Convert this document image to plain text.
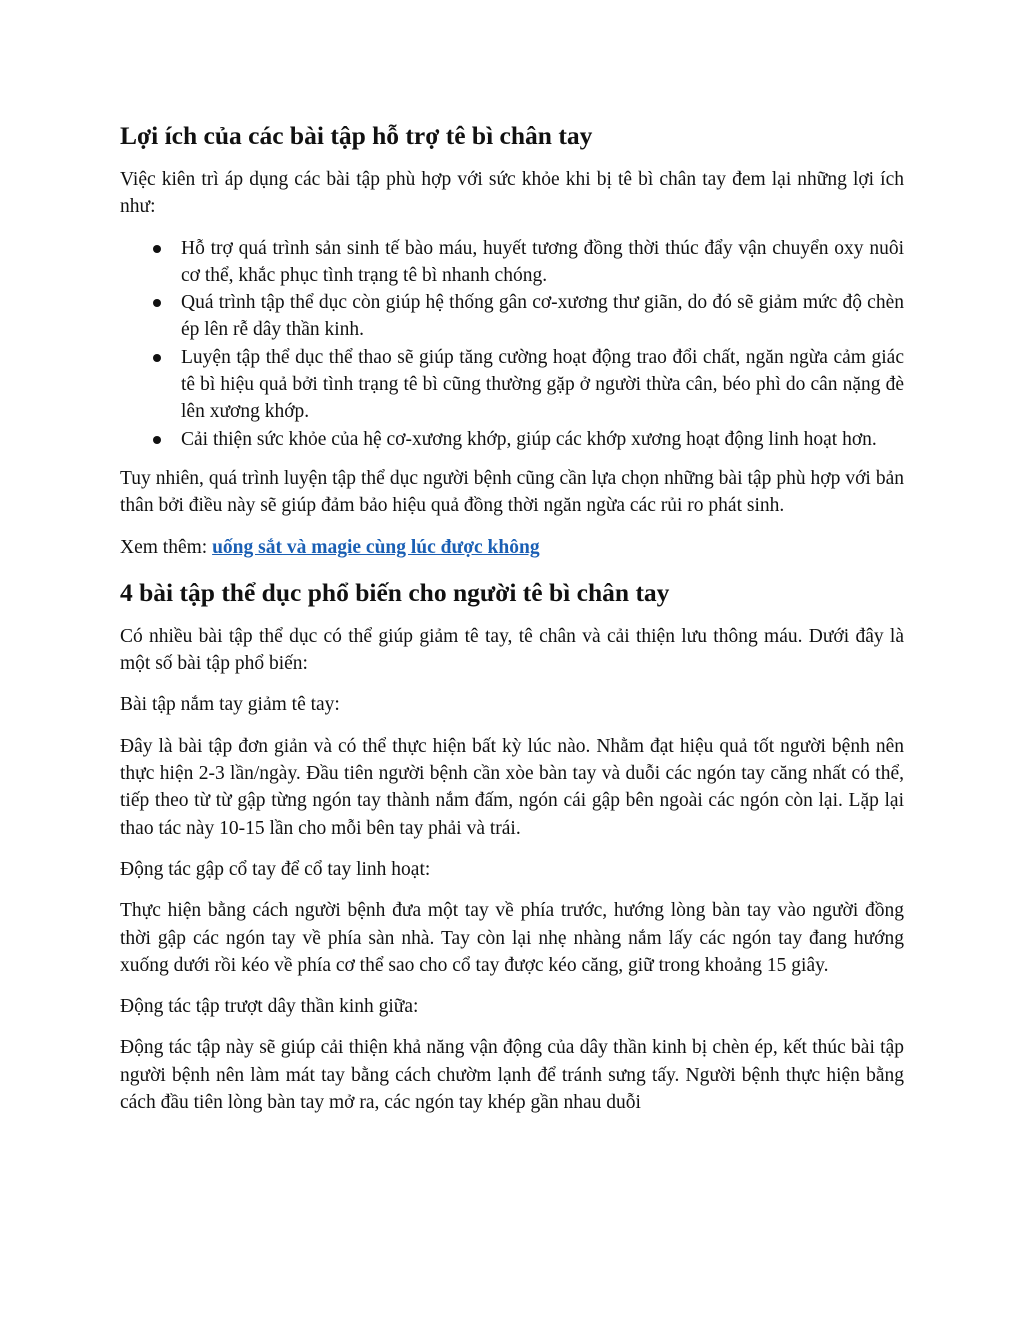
Lợi ích của các bài tập hỗ trợ tê bì chân tay

Việc kiên trì áp dụng các bài tập phù hợp với sức khỏe khi bị tê bì chân tay đem lại những lợi ích như:

Hỗ trợ quá trình sản sinh tế bào máu, huyết tương đồng thời thúc đẩy vận chuyển oxy nuôi cơ thể, khắc phục tình trạng tê bì nhanh chóng.
Quá trình tập thể dục còn giúp hệ thống gân cơ-xương thư giãn, do đó sẽ giảm mức độ chèn ép lên rễ dây thần kinh.
Luyện tập thể dục thể thao sẽ giúp tăng cường hoạt động trao đổi chất, ngăn ngừa cảm giác tê bì hiệu quả bởi tình trạng tê bì cũng thường gặp ở người thừa cân, béo phì do cân nặng đè lên xương khớp.
Cải thiện sức khỏe của hệ cơ-xương khớp, giúp các khớp xương hoạt động linh hoạt hơn.

Tuy nhiên, quá trình luyện tập thể dục người bệnh cũng cần lựa chọn những bài tập phù hợp với bản thân bởi điều này sẽ giúp đảm bảo hiệu quả đồng thời ngăn ngừa các rủi ro phát sinh.

Xem thêm: uống sắt và magie cùng lúc được không

4 bài tập thể dục phổ biến cho người tê bì chân tay

Có nhiều bài tập thể dục có thể giúp giảm tê tay, tê chân và cải thiện lưu thông máu. Dưới đây là một số bài tập phổ biến:

Bài tập nắm tay giảm tê tay:

Đây là bài tập đơn giản và có thể thực hiện bất kỳ lúc nào. Nhằm đạt hiệu quả tốt người bệnh nên thực hiện 2-3 lần/ngày. Đầu tiên người bệnh cần xòe bàn tay và duỗi các ngón tay căng nhất có thể, tiếp theo từ từ gập từng ngón tay thành nắm đấm, ngón cái gập bên ngoài các ngón còn lại. Lặp lại thao tác này 10-15 lần cho mỗi bên tay phải và trái.

Động tác gập cổ tay để cổ tay linh hoạt:

Thực hiện bằng cách người bệnh đưa một tay về phía trước, hướng lòng bàn tay vào người đồng thời gập các ngón tay về phía sàn nhà. Tay còn lại nhẹ nhàng nắm lấy các ngón tay đang hướng xuống dưới rồi kéo về phía cơ thể sao cho cổ tay được kéo căng, giữ trong khoảng 15 giây.

Động tác tập trượt dây thần kinh giữa:

Động tác tập này sẽ giúp cải thiện khả năng vận động của dây thần kinh bị chèn ép, kết thúc bài tập người bệnh nên làm mát tay bằng cách chườm lạnh để tránh sưng tấy. Người bệnh thực hiện bằng cách đầu tiên lòng bàn tay mở ra, các ngón tay khép gần nhau duỗi
